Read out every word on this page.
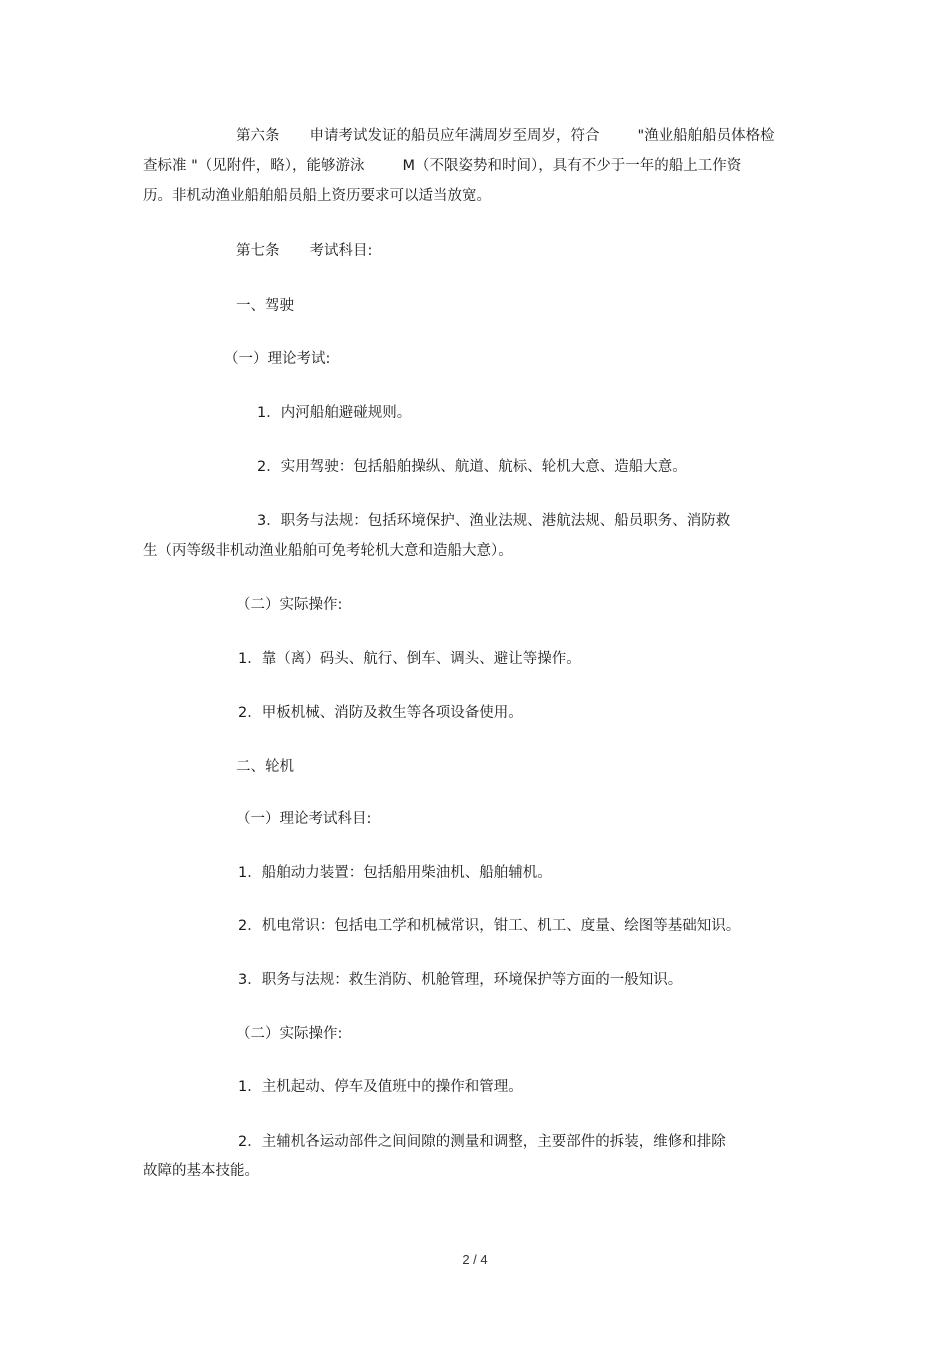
第六条 申请考试发证的船员应年满周岁至周岁，符合	"渔业船舶船员体格检
查标准 "（见附件，略），能够游泳	M（不限姿势和时间），具有不少于一年的船上工作资
历。非机动渔业船舶船员船上资历要求可以适当放宽。
第七条 考试科目:
一、驾驶
（一）理论考试:
1．内河船舶避碰规则。
2．实用驾驶：包括船舶操纵、航道、航标、轮机大意、造船大意。
3．职务与法规：包括环境保护、渔业法规、港航法规、船员职务、消防救
生（丙等级非机动渔业船舶可免考轮机大意和造船大意）。
（二）实际操作:
1．靠（离）码头、航行、倒车、调头、避让等操作。
2．甲板机械、消防及救生等各项设备使用。
二、轮机
（一）理论考试科目:
1．船舶动力装置：包括船用柴油机、船舶辅机。
2．机电常识：包括电工学和机械常识，钳工、机工、度量、绘图等基础知识。
3．职务与法规：救生消防、机舱管理，环境保护等方面的一般知识。
（二）实际操作:
1．主机起动、停车及值班中的操作和管理。
2．主辅机各运动部件之间间隙的测量和调整，主要部件的拆装，维修和排除
故障的基本技能。
2 / 4
